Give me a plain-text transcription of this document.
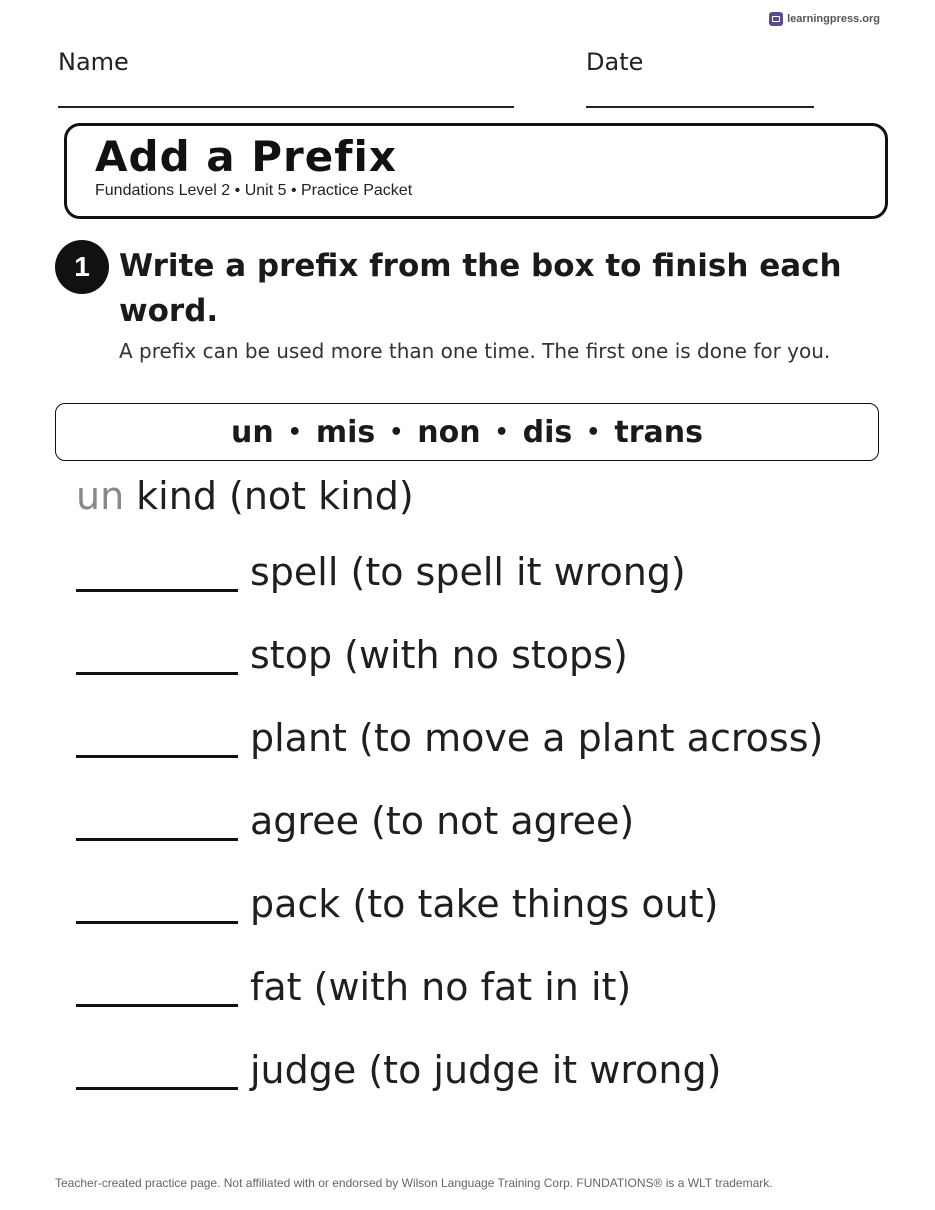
learningpress.org
Name	Date
Add a Prefix
Fundations Level 2 • Unit 5 • Practice Packet
1 Write a prefix from the box to finish each word.
A prefix can be used more than one time. The first one is done for you.
un • mis • non • dis • trans
un kind (not kind)
spell (to spell it wrong)
stop (with no stops)
plant (to move a plant across)
agree (to not agree)
pack (to take things out)
fat (with no fat in it)
judge (to judge it wrong)
Teacher-created practice page. Not affiliated with or endorsed by Wilson Language Training Corp. FUNDATIONS® is a WLT trademark.
